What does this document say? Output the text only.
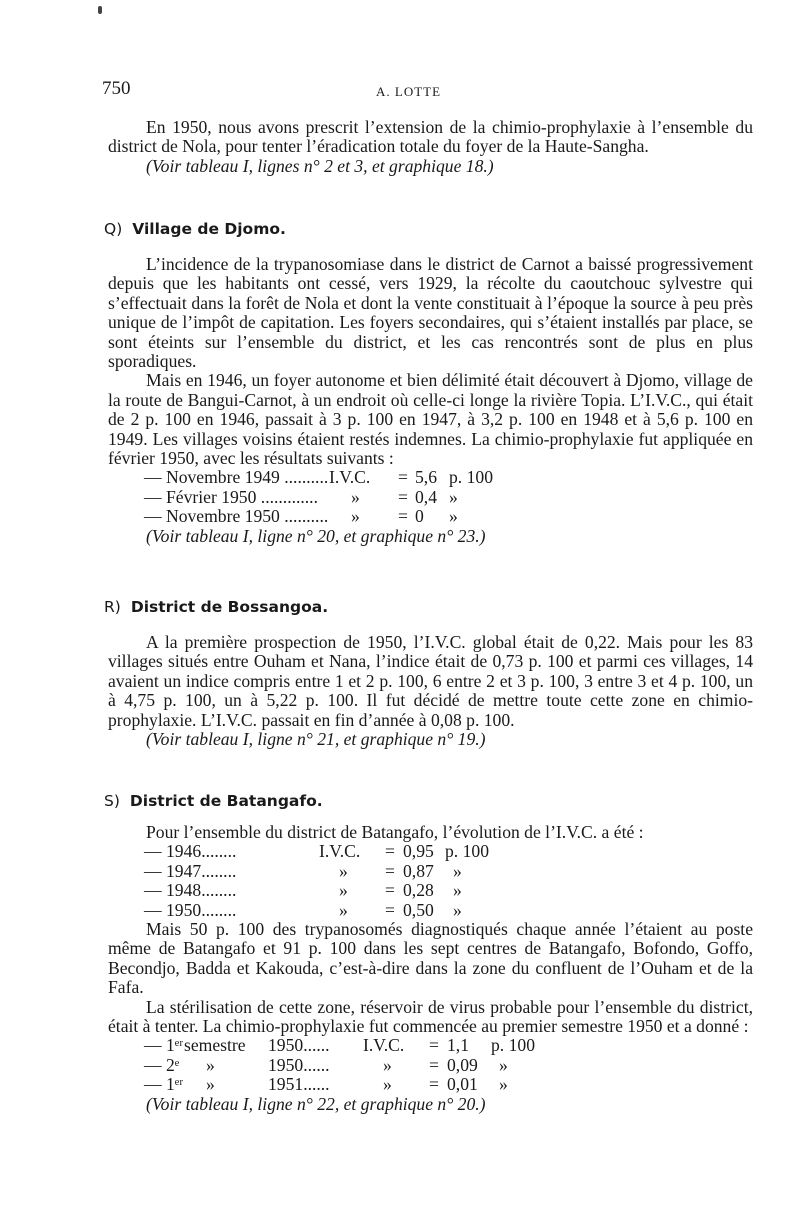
750	A. LOTTE

En 1950, nous avons prescrit l’extension de la chimio-prophylaxie à l’ensemble du district de Nola, pour tenter l’éradication totale du foyer de la Haute-Sangha.

(Voir tableau I, lignes n° 2 et 3, et graphique 18.)

Q) Village de Djomo.

L’incidence de la trypanosomiase dans le district de Carnot a baissé progressivement depuis que les habitants ont cessé, vers 1929, la récolte du caoutchouc sylvestre qui s’effectuait dans la forêt de Nola et dont la vente constituait à l’époque la source à peu près unique de l’impôt de capitation. Les foyers secondaires, qui s’étaient installés par place, se sont éteints sur l’ensemble du district, et les cas rencontrés sont de plus en plus sporadiques.

Mais en 1946, un foyer autonome et bien délimité était découvert à Djomo, village de la route de Bangui-Carnot, à un endroit où celle-ci longe la rivière Topia. L’I.V.C., qui était de 2 p. 100 en 1946, passait à 3 p. 100 en 1947, à 3,2 p. 100 en 1948 et à 5,6 p. 100 en 1949. Les villages voisins étaient restés indemnes. La chimio-prophylaxie fut appliquée en février 1950, avec les résultats suivants :

— Novembre 1949 ..........	I.V.C.	=	5,6	p. 100
— Février 1950 .............	»	=	0,4	»
— Novembre 1950 ..........	»	=	0	»

(Voir tableau I, ligne n° 20, et graphique n° 23.)

R) District de Bossangoa.

A la première prospection de 1950, l’I.V.C. global était de 0,22. Mais pour les 83 villages situés entre Ouham et Nana, l’indice était de 0,73 p. 100 et parmi ces villages, 14 avaient un indice compris entre 1 et 2 p. 100, 6 entre 2 et 3 p. 100, 3 entre 3 et 4 p. 100, un à 4,75 p. 100, un à 5,22 p. 100. Il fut décidé de mettre toute cette zone en chimio-prophylaxie. L’I.V.C. passait en fin d’année à 0,08 p. 100.

(Voir tableau I, ligne n° 21, et graphique n° 19.)

S) District de Batangafo.

Pour l’ensemble du district de Batangafo, l’évolution de l’I.V.C. a été :

— 1946........	I.V.C.	=	0,95	p. 100
— 1947........	»	=	0,87	»
— 1948........	»	=	0,28	»
— 1950........	»	=	0,50	»

Mais 50 p. 100 des trypanosomés diagnostiqués chaque année l’étaient au poste même de Batangafo et 91 p. 100 dans les sept centres de Batangafo, Bofondo, Goffo, Becondjo, Badda et Kakouda, c’est-à-dire dans la zone du confluent de l’Ouham et de la Fafa.

La stérilisation de cette zone, réservoir de virus probable pour l’ensemble du district, était à tenter. La chimio-prophylaxie fut commencée au premier semestre 1950 et a donné :

— 1ᵉʳ	semestre	1950......	I.V.C.	=	1,1	p. 100
— 2ᵉ	»	1950......	»	=	0,09	»
— 1ᵉʳ	»	1951......	»	=	0,01	»

(Voir tableau I, ligne n° 22, et graphique n° 20.)
